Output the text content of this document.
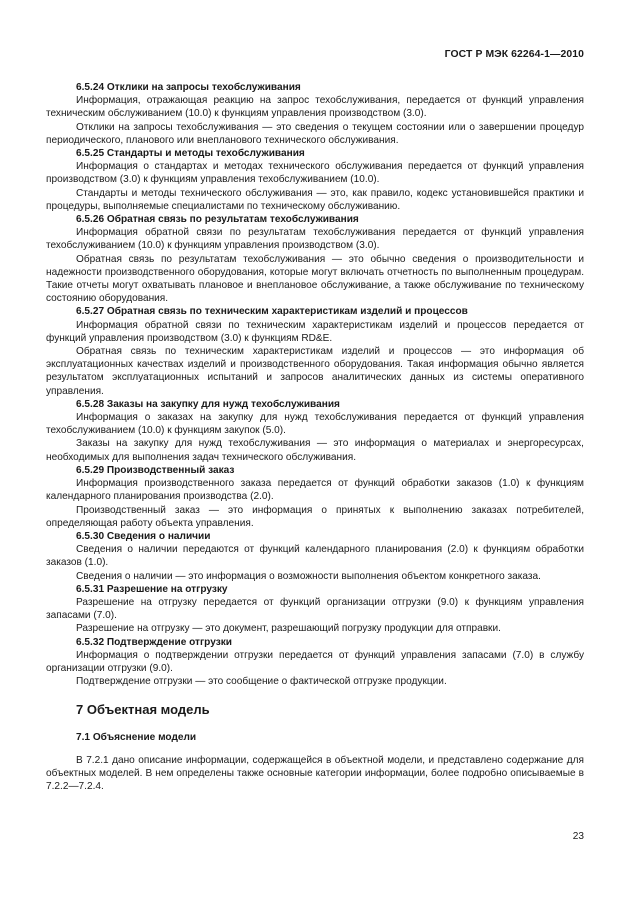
ГОСТ Р МЭК 62264-1—2010
6.5.24 Отклики на запросы техобслуживания

Информация, отражающая реакцию на запрос техобслуживания, передается от функций управления техническим обслуживанием (10.0) к функциям управления производством (3.0).

Отклики на запросы техобслуживания — это сведения о текущем состоянии или о завершении процедур периодического, планового или внепланового технического обслуживания.

6.5.25 Стандарты и методы техобслуживания

Информация о стандартах и методах технического обслуживания передается от функций управления производством (3.0) к функциям управления техобслуживанием (10.0).

Стандарты и методы технического обслуживания — это, как правило, кодекс установившейся практики и процедуры, выполняемые специалистами по техническому обслуживанию.

6.5.26 Обратная связь по результатам техобслуживания

Информация обратной связи по результатам техобслуживания передается от функций управления техобслуживанием (10.0) к функциям управления производством (3.0).

Обратная связь по результатам техобслуживания — это обычно сведения о производительности и надежности производственного оборудования, которые могут включать отчетность по выполненным процедурам. Такие отчеты могут охватывать плановое и внеплановое обслуживание, а также обслуживание по техническому состоянию оборудования.

6.5.27 Обратная связь по техническим характеристикам изделий и процессов

Информация обратной связи по техническим характеристикам изделий и процессов передается от функций управления производством (3.0) к функциям RD&E.

Обратная связь по техническим характеристикам изделий и процессов — это информация об эксплуатационных качествах изделий и производственного оборудования. Такая информация обычно является результатом эксплуатационных испытаний и запросов аналитических данных из системы оперативного управления.

6.5.28 Заказы на закупку для нужд техобслуживания

Информация о заказах на закупку для нужд техобслуживания передается от функций управления техобслуживанием (10.0) к функциям закупок (5.0).

Заказы на закупку для нужд техобслуживания — это информация о материалах и энергоресурсах, необходимых для выполнения задач технического обслуживания.

6.5.29 Производственный заказ

Информация производственного заказа передается от функций обработки заказов (1.0) к функциям календарного планирования производства (2.0).

Производственный заказ — это информация о принятых к выполнению заказах потребителей, определяющая работу объекта управления.

6.5.30 Сведения о наличии

Сведения о наличии передаются от функций календарного планирования (2.0) к функциям обработки заказов (1.0).

Сведения о наличии — это информация о возможности выполнения объектом конкретного заказа.

6.5.31 Разрешение на отгрузку

Разрешение на отгрузку передается от функций организации отгрузки (9.0) к функциям управления запасами (7.0).

Разрешение на отгрузку — это документ, разрешающий погрузку продукции для отправки.

6.5.32 Подтверждение отгрузки

Информация о подтверждении отгрузки передается от функций управления запасами (7.0) в службу организации отгрузки (9.0).

Подтверждение отгрузки — это сообщение о фактической отгрузке продукции.

7 Объектная модель
7.1 Объяснение модели

В 7.2.1 дано описание информации, содержащейся в объектной модели, и представлено содержание для объектных моделей. В нем определены также основные категории информации, более подробно описываемые в 7.2.2—7.2.4.

23
